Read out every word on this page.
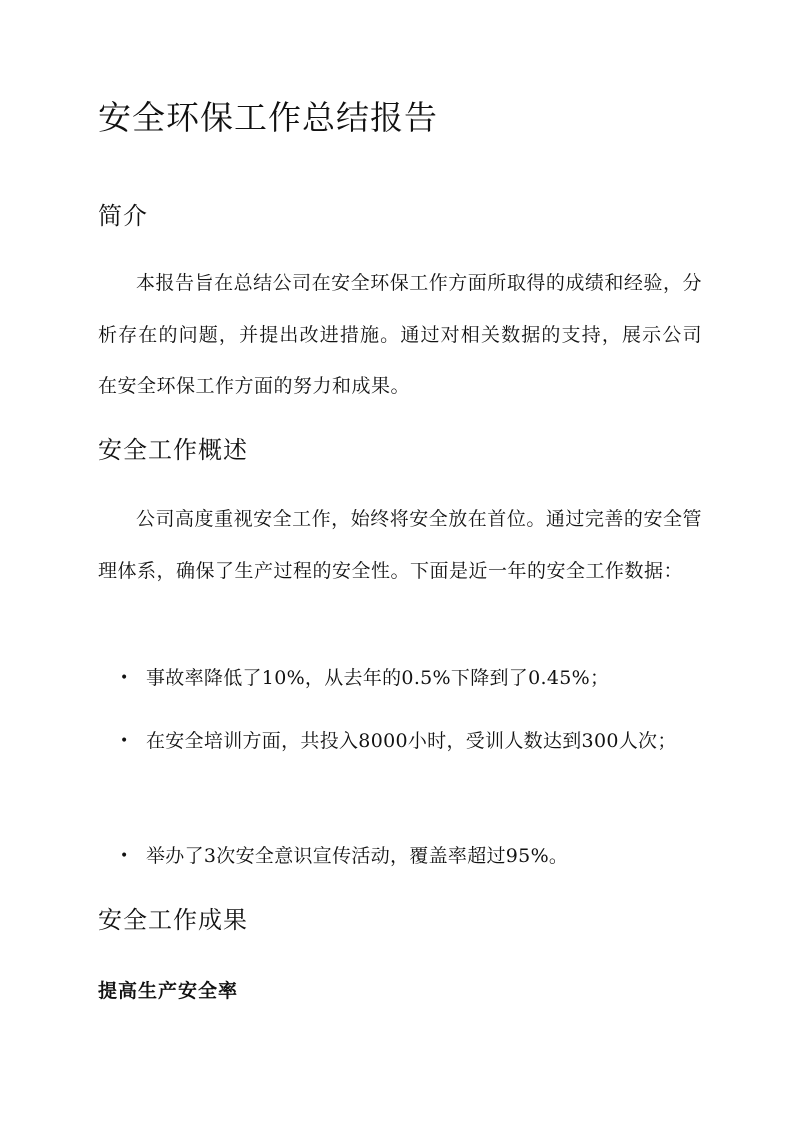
安全环保工作总结报告
简介

本报告旨在总结公司在安全环保工作方面所取得的成绩和经验，分析存在的问题，并提出改进措施。通过对相关数据的支持，展示公司在安全环保工作方面的努力和成果。

安全工作概述

公司高度重视安全工作，始终将安全放在首位。通过完善的安全管理体系，确保了生产过程的安全性。下面是近一年的安全工作数据：

• 事故率降低了10%，从去年的0.5%下降到了0.45%；
• 在安全培训方面，共投入8000小时，受训人数达到300人次；
• 举办了3次安全意识宣传活动，覆盖率超过95%。
安全工作成果
提高生产安全率
